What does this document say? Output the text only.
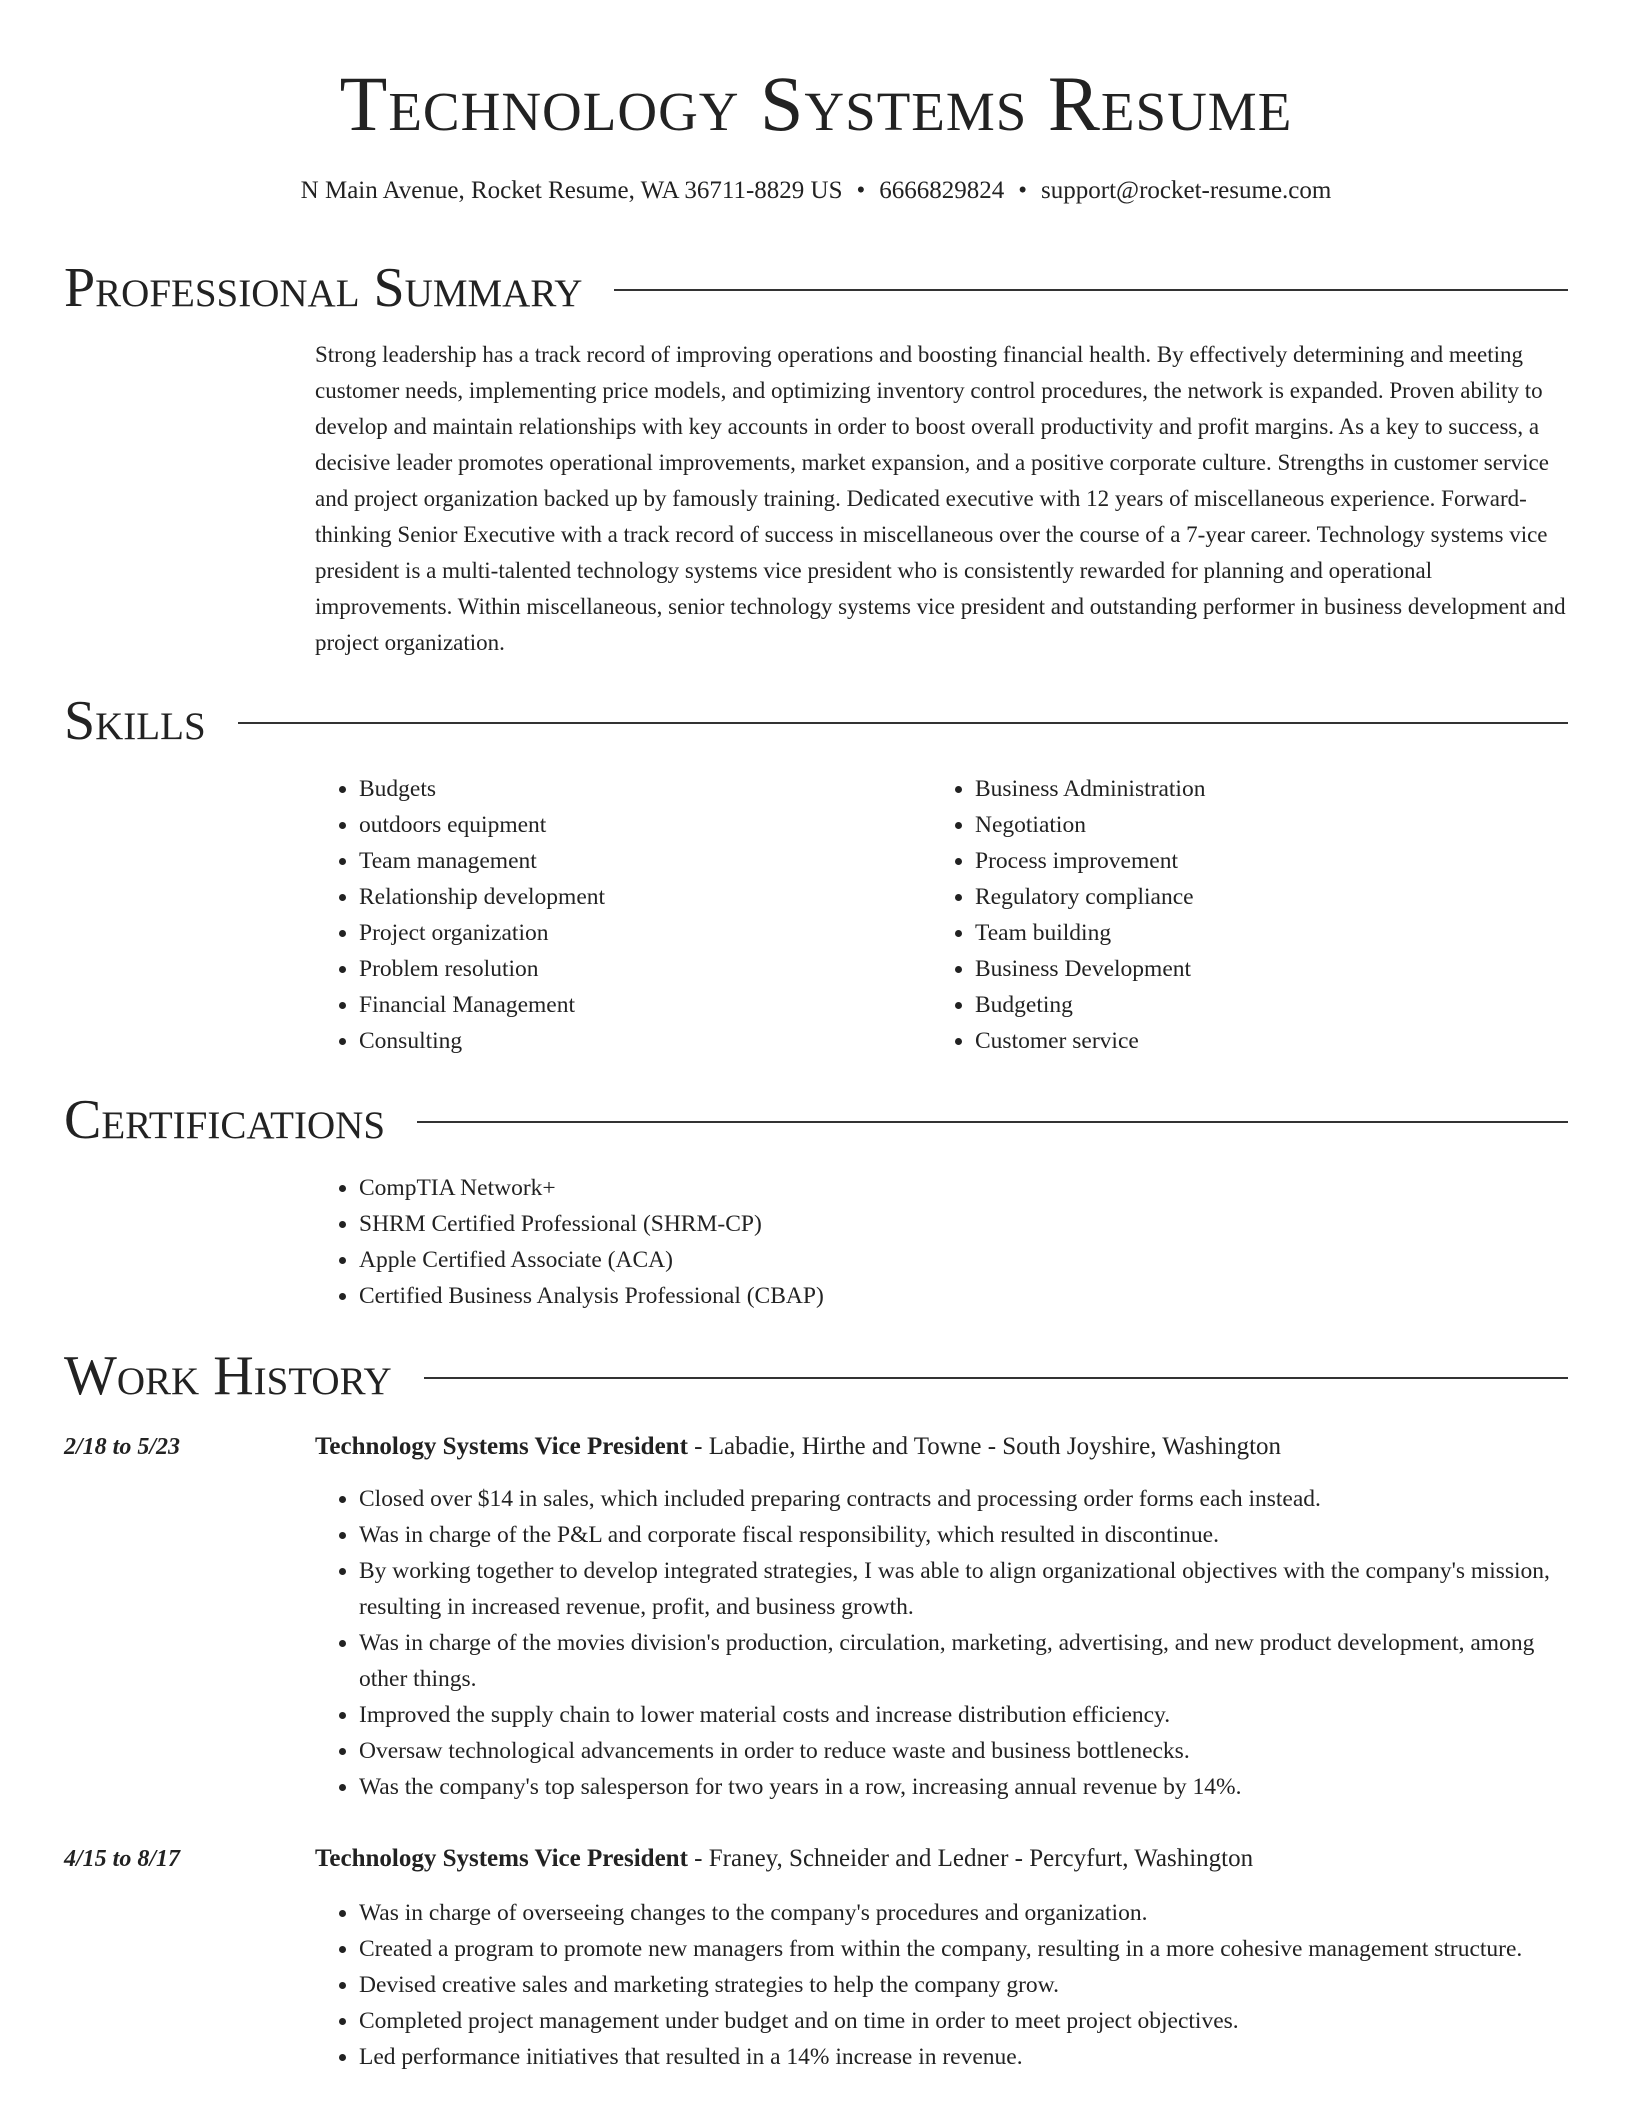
Technology Systems Resume
N Main Avenue, Rocket Resume, WA 36711-8829 US • 6666829824 • support@rocket-resume.com
Professional Summary

Strong leadership has a track record of improving operations and boosting financial health. By effectively determining and meeting customer needs, implementing price models, and optimizing inventory control procedures, the network is expanded. Proven ability to develop and maintain relationships with key accounts in order to boost overall productivity and profit margins. As a key to success, a decisive leader promotes operational improvements, market expansion, and a positive corporate culture. Strengths in customer service and project organization backed up by famously training. Dedicated executive with 12 years of miscellaneous experience. Forward-thinking Senior Executive with a track record of success in miscellaneous over the course of a 7-year career. Technology systems vice president is a multi-talented technology systems vice president who is consistently rewarded for planning and operational improvements. Within miscellaneous, senior technology systems vice president and outstanding performer in business development and project organization.

Skills
• Budgets
• outdoors equipment
• Team management
• Relationship development
• Project organization
• Problem resolution
• Financial Management
• Consulting
• Business Administration
• Negotiation
• Process improvement
• Regulatory compliance
• Team building
• Business Development
• Budgeting
• Customer service
Certifications
• CompTIA Network+
• SHRM Certified Professional (SHRM-CP)
• Apple Certified Associate (ACA)
• Certified Business Analysis Professional (CBAP)
Work History
2/18 to 5/23	Technology Systems Vice President - Labadie, Hirthe and Towne - South Joyshire, Washington
• Closed over $14 in sales, which included preparing contracts and processing order forms each instead.
• Was in charge of the P&L and corporate fiscal responsibility, which resulted in discontinue.
• By working together to develop integrated strategies, I was able to align organizational objectives with the company's mission, resulting in increased revenue, profit, and business growth.
• Was in charge of the movies division's production, circulation, marketing, advertising, and new product development, among other things.
• Improved the supply chain to lower material costs and increase distribution efficiency.
• Oversaw technological advancements in order to reduce waste and business bottlenecks.
• Was the company's top salesperson for two years in a row, increasing annual revenue by 14%.
4/15 to 8/17	Technology Systems Vice President - Franey, Schneider and Ledner - Percyfurt, Washington
• Was in charge of overseeing changes to the company's procedures and organization.
• Created a program to promote new managers from within the company, resulting in a more cohesive management structure.
• Devised creative sales and marketing strategies to help the company grow.
• Completed project management under budget and on time in order to meet project objectives.
• Led performance initiatives that resulted in a 14% increase in revenue.
